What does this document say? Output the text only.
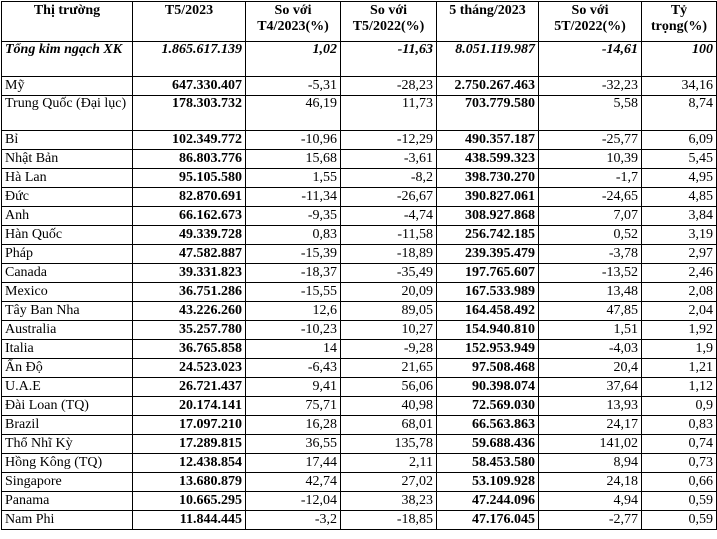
Thị trường	T5/2023	So với T4/2023(%)	So với T5/2022(%)	5 tháng/2023	So với 5T/2022(%)	Tỷ trọng(%)
Tổng kim ngạch XK	1.865.617.139	1,02	-11,63	8.051.119.987	-14,61	100
Mỹ	647.330.407	-5,31	-28,23	2.750.267.463	-32,23	34,16
Trung Quốc (Đại lục)	178.303.732	46,19	11,73	703.779.580	5,58	8,74
Bỉ	102.349.772	-10,96	-12,29	490.357.187	-25,77	6,09
Nhật Bản	86.803.776	15,68	-3,61	438.599.323	10,39	5,45
Hà Lan	95.105.580	1,55	-8,2	398.730.270	-1,7	4,95
Đức	82.870.691	-11,34	-26,67	390.827.061	-24,65	4,85
Anh	66.162.673	-9,35	-4,74	308.927.868	7,07	3,84
Hàn Quốc	49.339.728	0,83	-11,58	256.742.185	0,52	3,19
Pháp	47.582.887	-15,39	-18,89	239.395.479	-3,78	2,97
Canada	39.331.823	-18,37	-35,49	197.765.607	-13,52	2,46
Mexico	36.751.286	-15,55	20,09	167.533.989	13,48	2,08
Tây Ban Nha	43.226.260	12,6	89,05	164.458.492	47,85	2,04
Australia	35.257.780	-10,23	10,27	154.940.810	1,51	1,92
Italia	36.765.858	14	-9,28	152.953.949	-4,03	1,9
Ấn Độ	24.523.023	-6,43	21,65	97.508.468	20,4	1,21
U.A.E	26.721.437	9,41	56,06	90.398.074	37,64	1,12
Đài Loan (TQ)	20.174.141	75,71	40,98	72.569.030	13,93	0,9
Brazil	17.097.210	16,28	68,01	66.563.863	24,17	0,83
Thổ Nhĩ Kỳ	17.289.815	36,55	135,78	59.688.436	141,02	0,74
Hồng Kông (TQ)	12.438.854	17,44	2,11	58.453.580	8,94	0,73
Singapore	13.680.879	42,74	27,02	53.109.928	24,18	0,66
Panama	10.665.295	-12,04	38,23	47.244.096	4,94	0,59
Nam Phi	11.844.445	-3,2	-18,85	47.176.045	-2,77	0,59
